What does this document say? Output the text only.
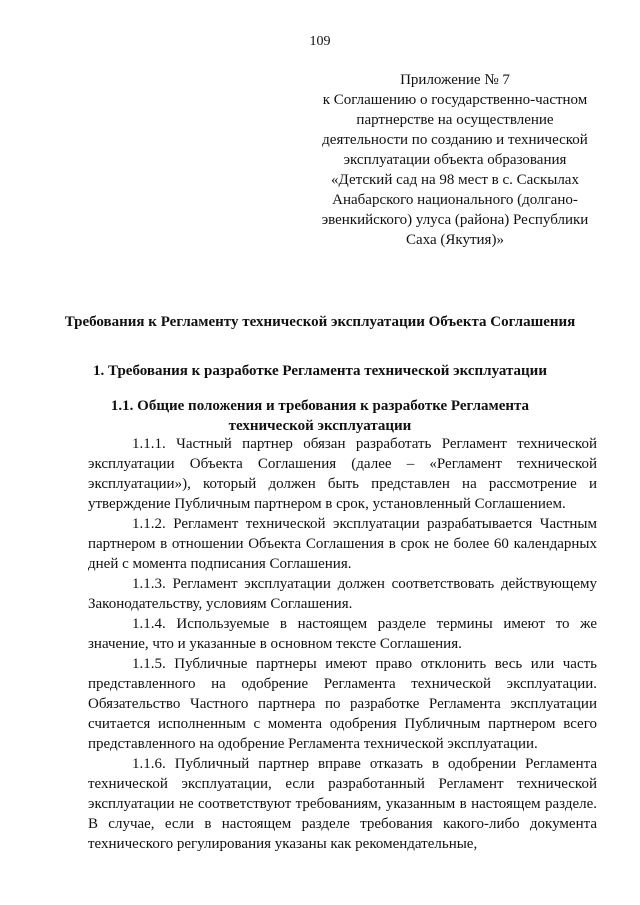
109
Приложение № 7
к Соглашению о государственно-частном
партнерстве на осуществление
деятельности по созданию и технической
эксплуатации объекта образования
«Детский сад на 98 мест в с. Саскылах
Анабарского национального (долгано-
эвенкийского) улуса (района) Республики
Саха (Якутия)»
Требования к Регламенту технической эксплуатации Объекта Соглашения
1. Требования к разработке Регламента технической эксплуатации
1.1. Общие положения и требования к разработке Регламента технической эксплуатации

1.1.1. Частный партнер обязан разработать Регламент технической эксплуатации Объекта Соглашения (далее – «Регламент технической эксплуатации»), который должен быть представлен на рассмотрение и утверждение Публичным партнером в срок, установленный Соглашением.

1.1.2. Регламент технической эксплуатации разрабатывается Частным партнером в отношении Объекта Соглашения в срок не более 60 календарных дней с момента подписания Соглашения.

1.1.3. Регламент эксплуатации должен соответствовать действующему Законодательству, условиям Соглашения.

1.1.4. Используемые в настоящем разделе термины имеют то же значение, что и указанные в основном тексте Соглашения.

1.1.5. Публичные партнеры имеют право отклонить весь или часть представленного на одобрение Регламента технической эксплуатации. Обязательство Частного партнера по разработке Регламента эксплуатации считается исполненным с момента одобрения Публичным партнером всего представленного на одобрение Регламента технической эксплуатации.

1.1.6. Публичный партнер вправе отказать в одобрении Регламента технической эксплуатации, если разработанный Регламент технической эксплуатации не соответствуют требованиям, указанным в настоящем разделе. В случае, если в настоящем разделе требования какого-либо документа технического регулирования указаны как рекомендательные,
